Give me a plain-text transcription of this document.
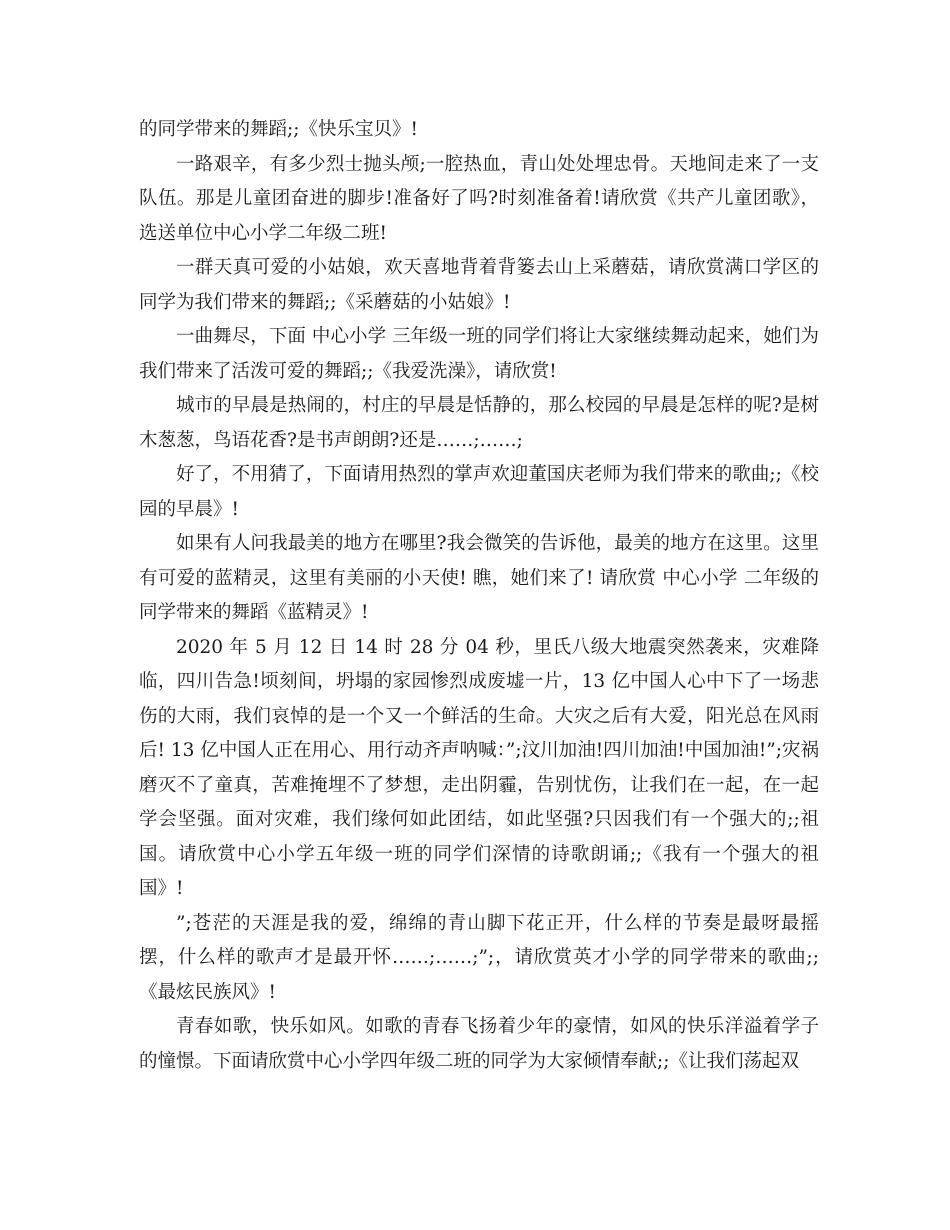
的同学带来的舞蹈;;《快乐宝贝》!

一路艰辛，有多少烈士抛头颅;一腔热血，青山处处埋忠骨。天地间走来了一支队伍。那是儿童团奋进的脚步!准备好了吗?时刻准备着!请欣赏《共产儿童团歌》，选送单位中心小学二年级二班!

一群天真可爱的小姑娘，欢天喜地背着背篓去山上采蘑菇，请欣赏满口学区的同学为我们带来的舞蹈;;《采蘑菇的小姑娘》!

一曲舞尽，下面 中心小学 三年级一班的同学们将让大家继续舞动起来，她们为我们带来了活泼可爱的舞蹈;;《我爱洗澡》，请欣赏!

城市的早晨是热闹的，村庄的早晨是恬静的，那么校园的早晨是怎样的呢?是树木葱葱，鸟语花香?是书声朗朗?还是……;……;

好了，不用猜了，下面请用热烈的掌声欢迎董国庆老师为我们带来的歌曲;;《校园的早晨》!

如果有人问我最美的地方在哪里?我会微笑的告诉他，最美的地方在这里。这里有可爱的蓝精灵，这里有美丽的小天使! 瞧，她们来了! 请欣赏 中心小学 二年级的同学带来的舞蹈《蓝精灵》!

2020 年 5 月 12 日 14 时 28 分 04 秒，里氏八级大地震突然袭来，灾难降临，四川告急!顷刻间，坍塌的家园惨烈成废墟一片，13 亿中国人心中下了一场悲伤的大雨，我们哀悼的是一个又一个鲜活的生命。大灾之后有大爱，阳光总在风雨后! 13 亿中国人正在用心、用行动齐声呐喊：”;汶川加油!四川加油!中国加油!”;灾祸磨灭不了童真，苦难掩埋不了梦想，走出阴霾，告别忧伤，让我们在一起，在一起学会坚强。面对灾难，我们缘何如此团结，如此坚强?只因我们有一个强大的;;祖国。请欣赏中心小学五年级一班的同学们深情的诗歌朗诵;;《我有一个强大的祖国》!

”;苍茫的天涯是我的爱，绵绵的青山脚下花正开，什么样的节奏是最呀最摇摆，什么样的歌声才是最开怀……;……;”;，请欣赏英才小学的同学带来的歌曲;;《最炫民族风》!

青春如歌，快乐如风。如歌的青春飞扬着少年的豪情，如风的快乐洋溢着学子的憧憬。下面请欣赏中心小学四年级二班的同学为大家倾情奉献;;《让我们荡起双
